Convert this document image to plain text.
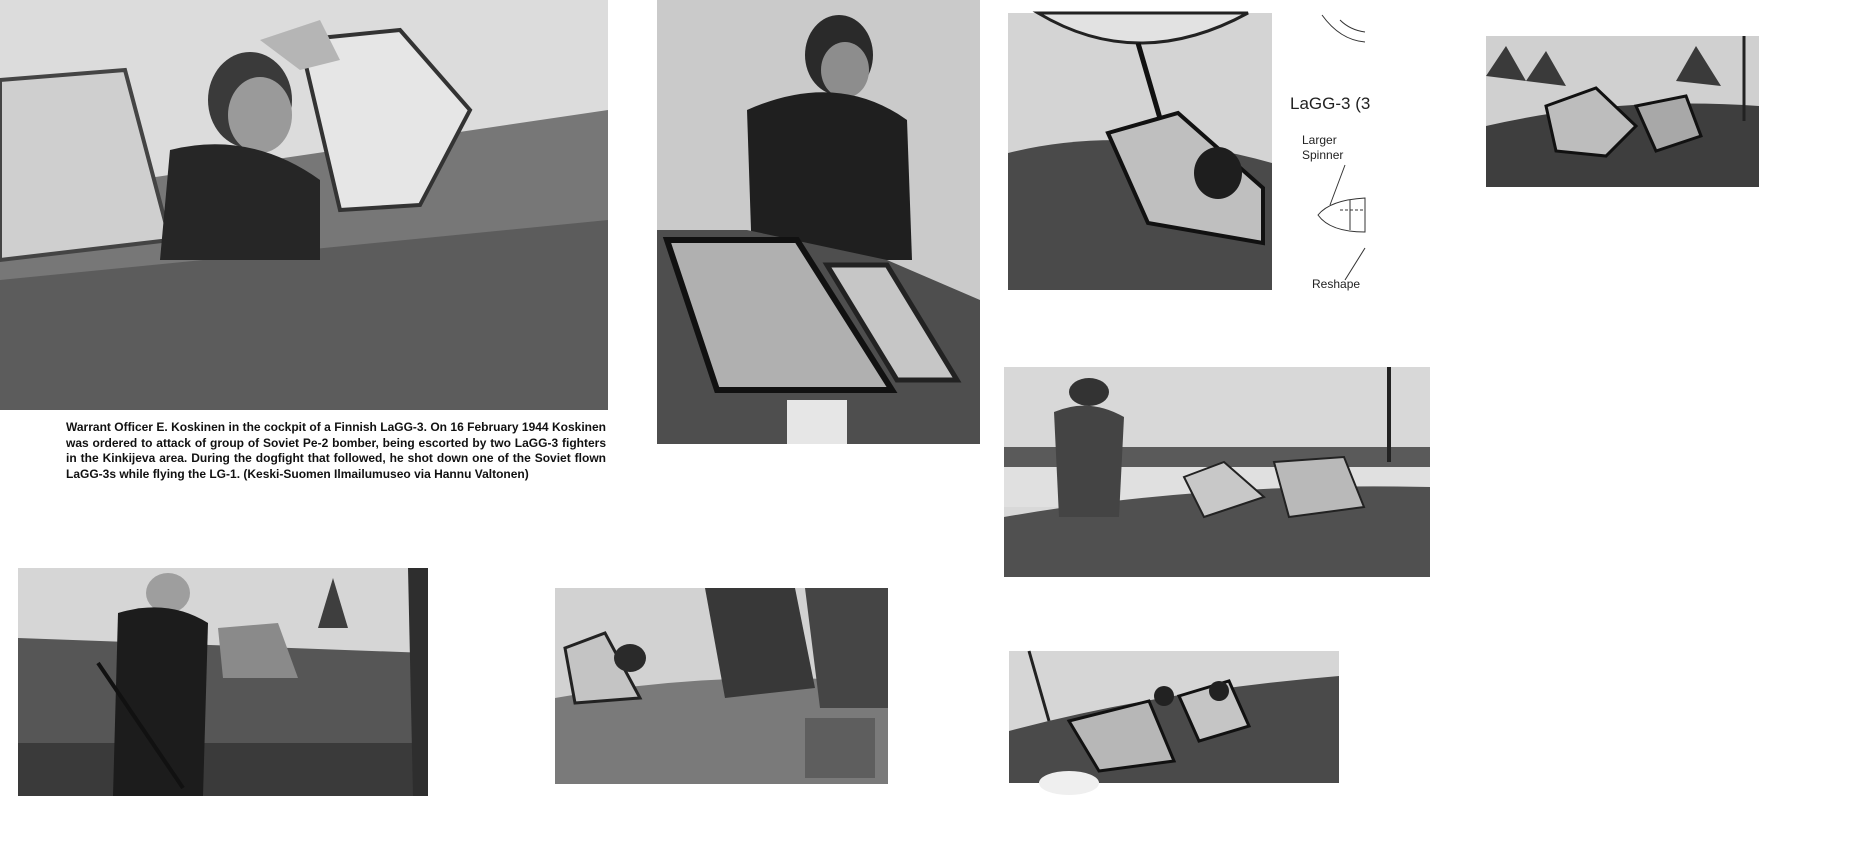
Warrant Officer E. Koskinen in the cockpit of a Finnish LaGG-3. On 16 February 1944 Koskinen was ordered to attack of group of Soviet Pe-2 bomber, being escorted by two LaGG-3 fighters in the Kinkijeva area. During the dogfight that followed, he shot down one of the Soviet flown LaGG-3s while flying the LG-1. (Keski-Suomen Ilmailumuseo via Hannu Valtonen)
LaGG-3 (3
Larger
Spinner
Reshape
